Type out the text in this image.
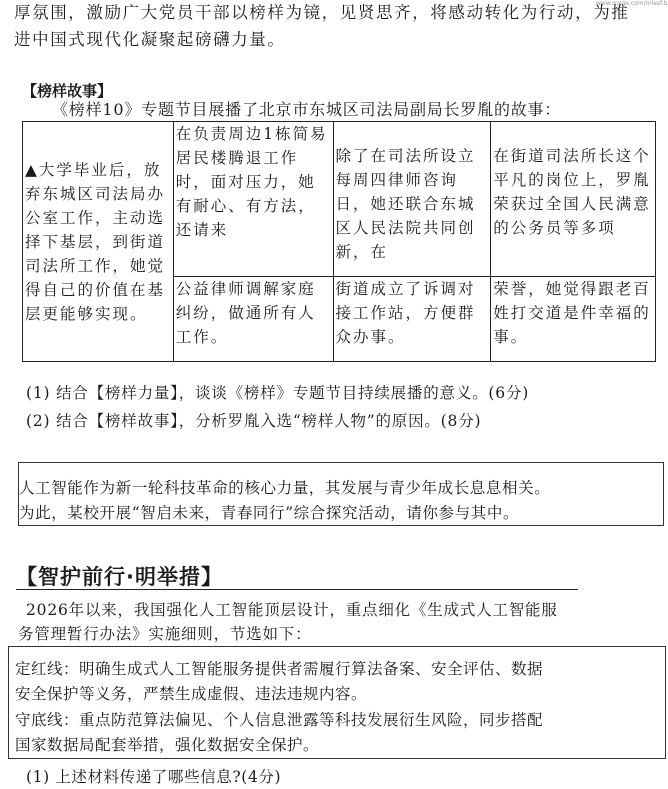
www.mxqe.com/mlesf.b
厚氛围，激励广大党员干部以榜样为镜，见贤思齐，将感动转化为行动，为推
进中国式现代化凝聚起磅礴力量。
【榜样故事】
《榜样10》专题节目展播了北京市东城区司法局副局长罗胤的故事：
▲大学毕业后，放弃东城区司法局办公室工作，主动选择下基层，到街道司法所工作，她觉得自己的价值在基层更能够实现。	在负责周边1栋简易居民楼腾退工作时，面对压力，她有耐心、有方法，还请来	除了在司法所设立每周四律师咨询日，她还联合东城区人民法院共同创新，在	在街道司法所长这个平凡的岗位上，罗胤荣获过全国人民满意的公务员等多项
	公益律师调解家庭纠纷，做通所有人工作。	街道成立了诉调对接工作站，方便群众办事。	荣誉，她觉得跟老百姓打交道是件幸福的事。
(1) 结合【榜样力量】，谈谈《榜样》专题节目持续展播的意义。(6分)
(2) 结合【榜样故事】，分析罗胤入选“榜样人物”的原因。(8分)
人工智能作为新一轮科技革命的核心力量，其发展与青少年成长息息相关。
为此，某校开展“智启未来，青春同行”综合探究活动，请你参与其中。
【智护前行·明举措】
2026年以来，我国强化人工智能顶层设计，重点细化《生成式人工智能服
务管理暂行办法》实施细则，节选如下：
定红线：明确生成式人工智能服务提供者需履行算法备案、安全评估、数据
安全保护等义务，严禁生成虚假、违法违规内容。
守底线：重点防范算法偏见、个人信息泄露等科技发展衍生风险，同步搭配
国家数据局配套举措，强化数据安全保护。
(1) 上述材料传递了哪些信息?(4分)
